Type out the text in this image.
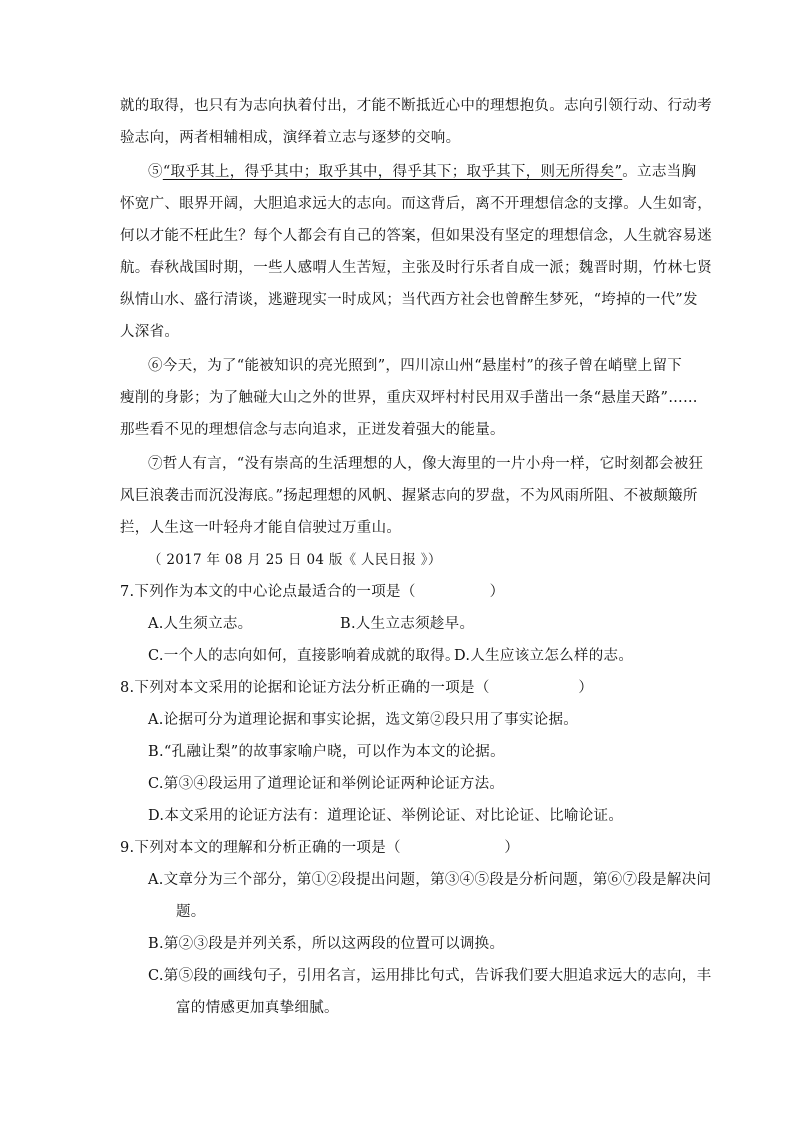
就的取得，也只有为志向执着付出，才能不断抵近心中的理想抱负。志向引领行动、行动考
验志向，两者相辅相成，演绎着立志与逐梦的交响。
⑤“取乎其上，得乎其中；取乎其中，得乎其下；取乎其下，则无所得矣”。立志当胸
怀宽广、眼界开阔，大胆追求远大的志向。而这背后，离不开理想信念的支撑。人生如寄，
何以才能不枉此生？每个人都会有自己的答案，但如果没有坚定的理想信念，人生就容易迷
航。春秋战国时期，一些人感喟人生苦短，主张及时行乐者自成一派；魏晋时期，竹林七贤
纵情山水、盛行清谈，逃避现实一时成风；当代西方社会也曾醉生梦死，“垮掉的一代”发
人深省。
⑥今天，为了“能被知识的亮光照到”，四川凉山州“悬崖村”的孩子曾在峭壁上留下
瘦削的身影；为了触碰大山之外的世界，重庆双坪村村民用双手凿出一条“悬崖天路”……
那些看不见的理想信念与志向追求，正迸发着强大的能量。
⑦哲人有言，“没有崇高的生活理想的人，像大海里的一片小舟一样，它时刻都会被狂
风巨浪袭击而沉没海底。”扬起理想的风帆、握紧志向的罗盘，不为风雨所阻、不被颠簸所
拦，人生这一叶轻舟才能自信驶过万重山。
（ 2017 年 08 月 25 日 04 版《 人民日报 》）
7.下列作为本文的中心论点最适合的一项是（　　　　　）
A.人生须立志。	B.人生立志须趁早。
C.一个人的志向如何，直接影响着成就的取得。
D.人生应该立怎么样的志。
8.下列对本文采用的论据和论证方法分析正确的一项是（　　　　　　）
A.论据可分为道理论据和事实论据，选文第②段只用了事实论据。
B.“孔融让梨”的故事家喻户晓，可以作为本文的论据。
C.第③④段运用了道理论证和举例论证两种论证方法。
D.本文采用的论证方法有：道理论证、举例论证、对比论证、比喻论证。
9.下列对本文的理解和分析正确的一项是（　　　　　　　）
A.文章分为三个部分，第①②段提出问题，第③④⑤段是分析问题，第⑥⑦段是解决问
题。
B.第②③段是并列关系，所以这两段的位置可以调换。
C.第⑤段的画线句子，引用名言，运用排比句式，告诉我们要大胆追求远大的志向，丰
富的情感更加真挚细腻。
